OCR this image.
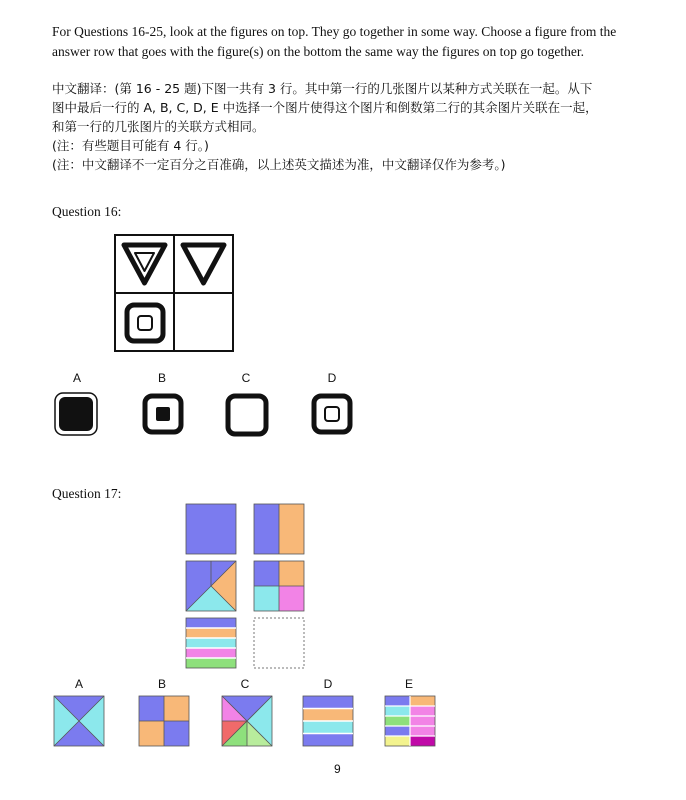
For Questions 16-25, look at the figures on top. They go together in some way. Choose a figure from the
answer row that goes with the figure(s) on the bottom the same way the figures on top go together.
中文翻译：(第 16 - 25 题)下图一共有 3 行。其中第一行的几张图片以某种方式关联在一起。从下
图中最后一行的 A, B, C, D, E 中选择一个图片使得这个图片和倒数第二行的其余图片关联在一起，
和第一行的几张图片的关联方式相同。
(注：有些题目可能有 4 行。)
(注：中文翻译不一定百分之百准确，以上述英文描述为准，中文翻译仅作为参考。)
Question 16:
A	B	C	D
Question 17:
A	B	C	D	E
9
